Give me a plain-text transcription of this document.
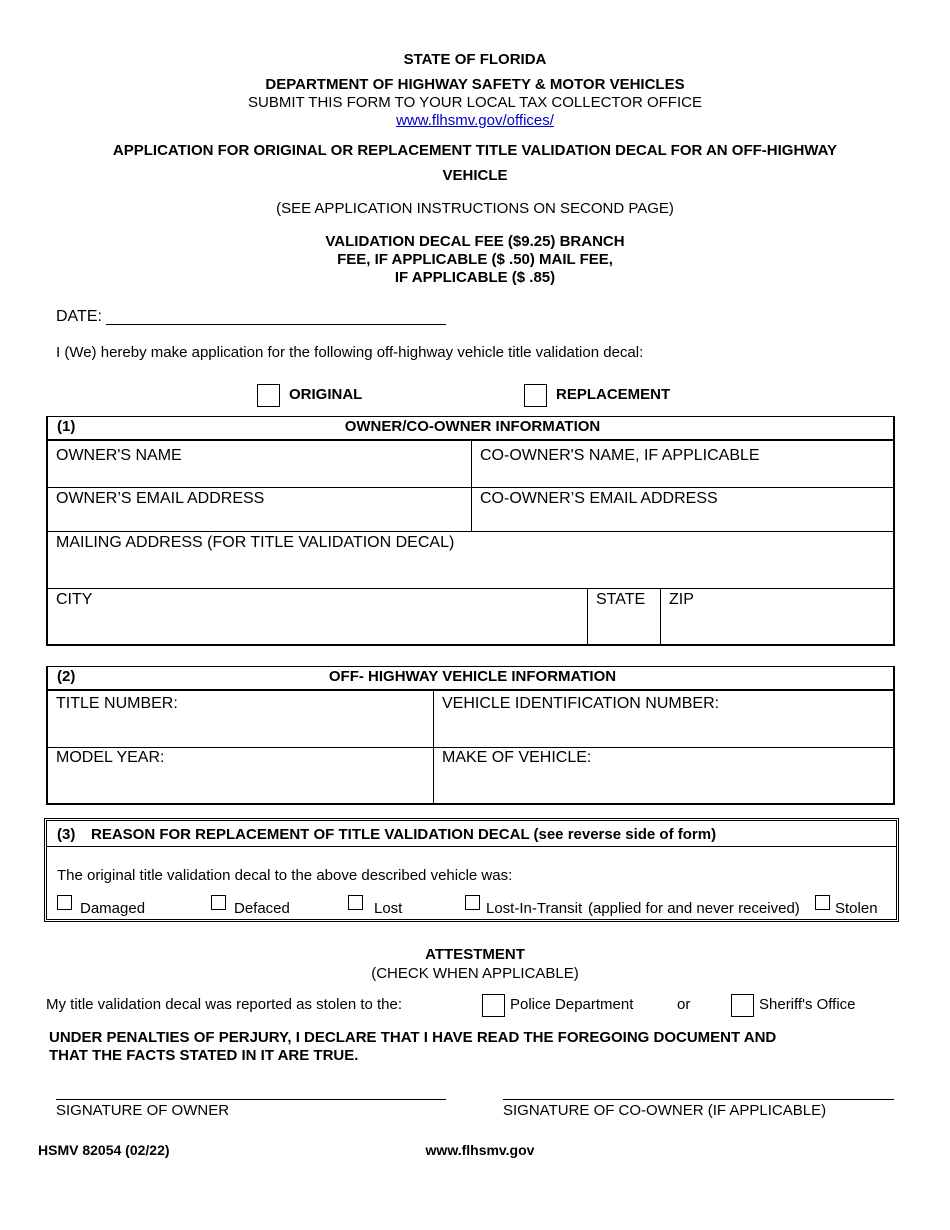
STATE OF FLORIDA
DEPARTMENT OF HIGHWAY SAFETY & MOTOR VEHICLES
SUBMIT THIS FORM TO YOUR LOCAL TAX COLLECTOR OFFICE
www.flhsmv.gov/offices/
APPLICATION FOR ORIGINAL OR REPLACEMENT TITLE VALIDATION DECAL FOR AN OFF-HIGHWAY
VEHICLE
(SEE APPLICATION INSTRUCTIONS ON SECOND PAGE)
VALIDATION DECAL FEE ($9.25) BRANCH
FEE, IF APPLICABLE ($ .50) MAIL FEE,
IF APPLICABLE ($ .85)
DATE:
I (We) hereby make application for the following off-highway vehicle title validation decal:
ORIGINAL	REPLACEMENT
(1)	OWNER/CO-OWNER INFORMATION
OWNER'S NAME	CO-OWNER'S NAME, IF APPLICABLE
OWNER’S EMAIL ADDRESS	CO-OWNER’S EMAIL ADDRESS
MAILING ADDRESS (FOR TITLE VALIDATION DECAL)
CITY	STATE ZIP
(2)	OFF- HIGHWAY VEHICLE INFORMATION
TITLE NUMBER:	VEHICLE IDENTIFICATION NUMBER:
MODEL YEAR:	MAKE OF VEHICLE:
(3) REASON FOR REPLACEMENT OF TITLE VALIDATION DECAL (see reverse side of form)
The original title validation decal to the above described vehicle was:
Damaged	Defaced	Lost	Lost-In-Transit (applied for and never received) Stolen
ATTESTMENT
(CHECK WHEN APPLICABLE)
My title validation decal was reported as stolen to the:	Police Department	or	Sheriff's Office
UNDER PENALTIES OF PERJURY, I DECLARE THAT I HAVE READ THE FOREGOING DOCUMENT AND
THAT THE FACTS STATED IN IT ARE TRUE.
SIGNATURE OF OWNER	SIGNATURE OF CO-OWNER (IF APPLICABLE)
HSMV 82054 (02/22)	www.flhsmv.gov
